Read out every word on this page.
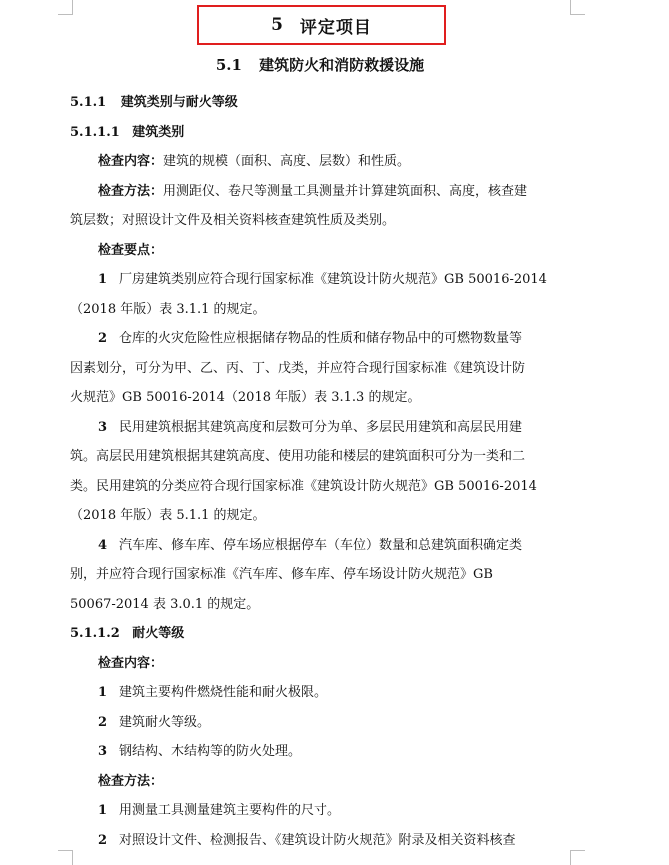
5 评定项目
5.1 建筑防火和消防救援设施
5.1.1 建筑类别与耐火等级
5.1.1.1 建筑类别
检查内容：建筑的规模（面积、高度、层数）和性质。
检查方法：用测距仪、卷尺等测量工具测量并计算建筑面积、高度，核查建
筑层数；对照设计文件及相关资料核查建筑性质及类别。
检查要点：
1 厂房建筑类别应符合现行国家标准《建筑设计防火规范》GB 50016-2014
（2018 年版）表 3.1.1 的规定。
2 仓库的火灾危险性应根据储存物品的性质和储存物品中的可燃物数量等
因素划分，可分为甲、乙、丙、丁、戊类，并应符合现行国家标准《建筑设计防
火规范》GB 50016-2014（2018 年版）表 3.1.3 的规定。
3 民用建筑根据其建筑高度和层数可分为单、多层民用建筑和高层民用建
筑。高层民用建筑根据其建筑高度、使用功能和楼层的建筑面积可分为一类和二
类。民用建筑的分类应符合现行国家标准《建筑设计防火规范》GB 50016-2014
（2018 年版）表 5.1.1 的规定。
4 汽车库、修车库、停车场应根据停车（车位）数量和总建筑面积确定类
别，并应符合现行国家标准《汽车库、修车库、停车场设计防火规范》GB
50067-2014 表 3.0.1 的规定。
5.1.1.2 耐火等级
检查内容：
1 建筑主要构件燃烧性能和耐火极限。
2 建筑耐火等级。
3 钢结构、木结构等的防火处理。
检查方法：
1 用测量工具测量建筑主要构件的尺寸。
2 对照设计文件、检测报告、《建筑设计防火规范》附录及相关资料核查
